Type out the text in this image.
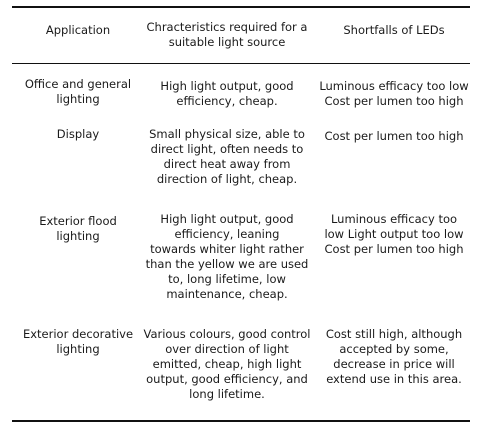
Application	Chracteristics required for a
suitable light source
Shortfalls of LEDs
Office and general
lighting
High light output, good
efficiency, cheap.
Luminous efficacy too low
Cost per lumen too high
Display	Small physical size, able to
direct light, often needs to
direct heat away from
direction of light, cheap.
Cost per lumen too high
Exterior flood
lighting
High light output, good
efficiency, leaning
towards whiter light rather
than the yellow we are used
to, long lifetime, low
maintenance, cheap.
Luminous efficacy too
low Light output too low
Cost per lumen too high
Exterior decorative
lighting
Various colours, good control
over direction of light
emitted, cheap, high light
output, good efficiency, and
long lifetime.
Cost still high, although
accepted by some,
decrease in price will
extend use in this area.
